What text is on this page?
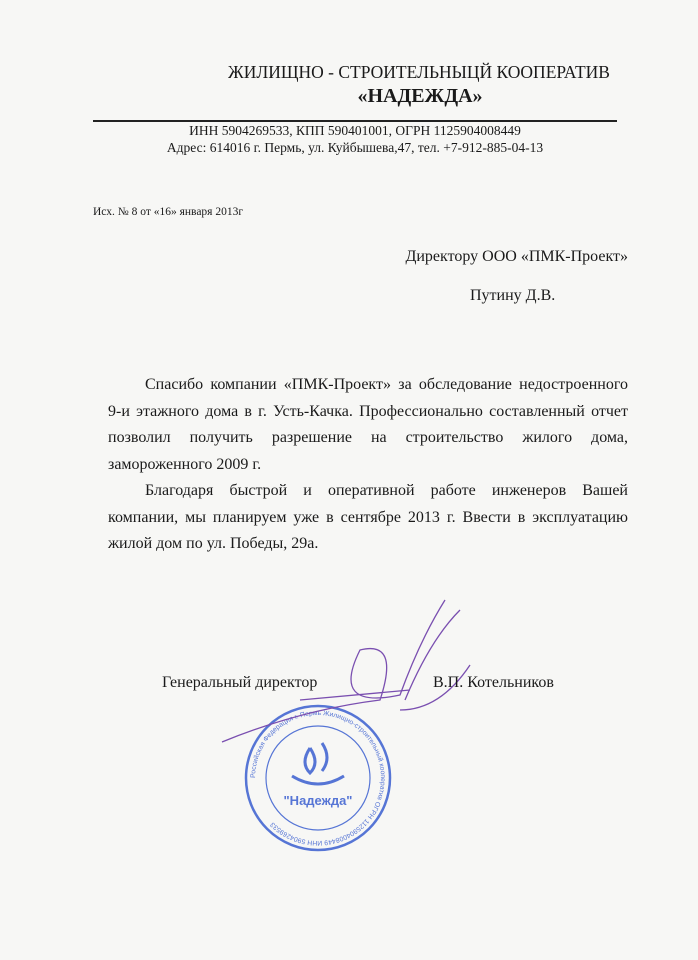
ЖИЛИЩНО - СТРОИТЕЛЬНЫЦЙ КООПЕРАТИВ
«НАДЕЖДА»
ИНН 5904269533, КПП 590401001, ОГРН 1125904008449
Адрес: 614016 г. Пермь, ул. Куйбышева,47, тел. +7-912-885-04-13
Исх. № 8 от «16» января 2013г
Директору ООО «ПМК-Проект»
Путину Д.В.

Спасибо компании «ПМК-Проект» за обследование недостроенного 9-и этажного дома в г. Усть-Качка. Профессионально составленный отчет позволил получить разрешение на строительство жилого дома, замороженного 2009 г.

Благодаря быстрой и оперативной работе инженеров Вашей компании, мы планируем уже в сентябре 2013 г. Ввести в эксплуатацию жилой дом по ул. Победы, 29а.

Российская Федерация г. Пермь Жилищно-строительный кооператив ОГРН 1125904008449 ИНН 5904269533
"Надежда"
Генеральный директор	В.П. Котельников
